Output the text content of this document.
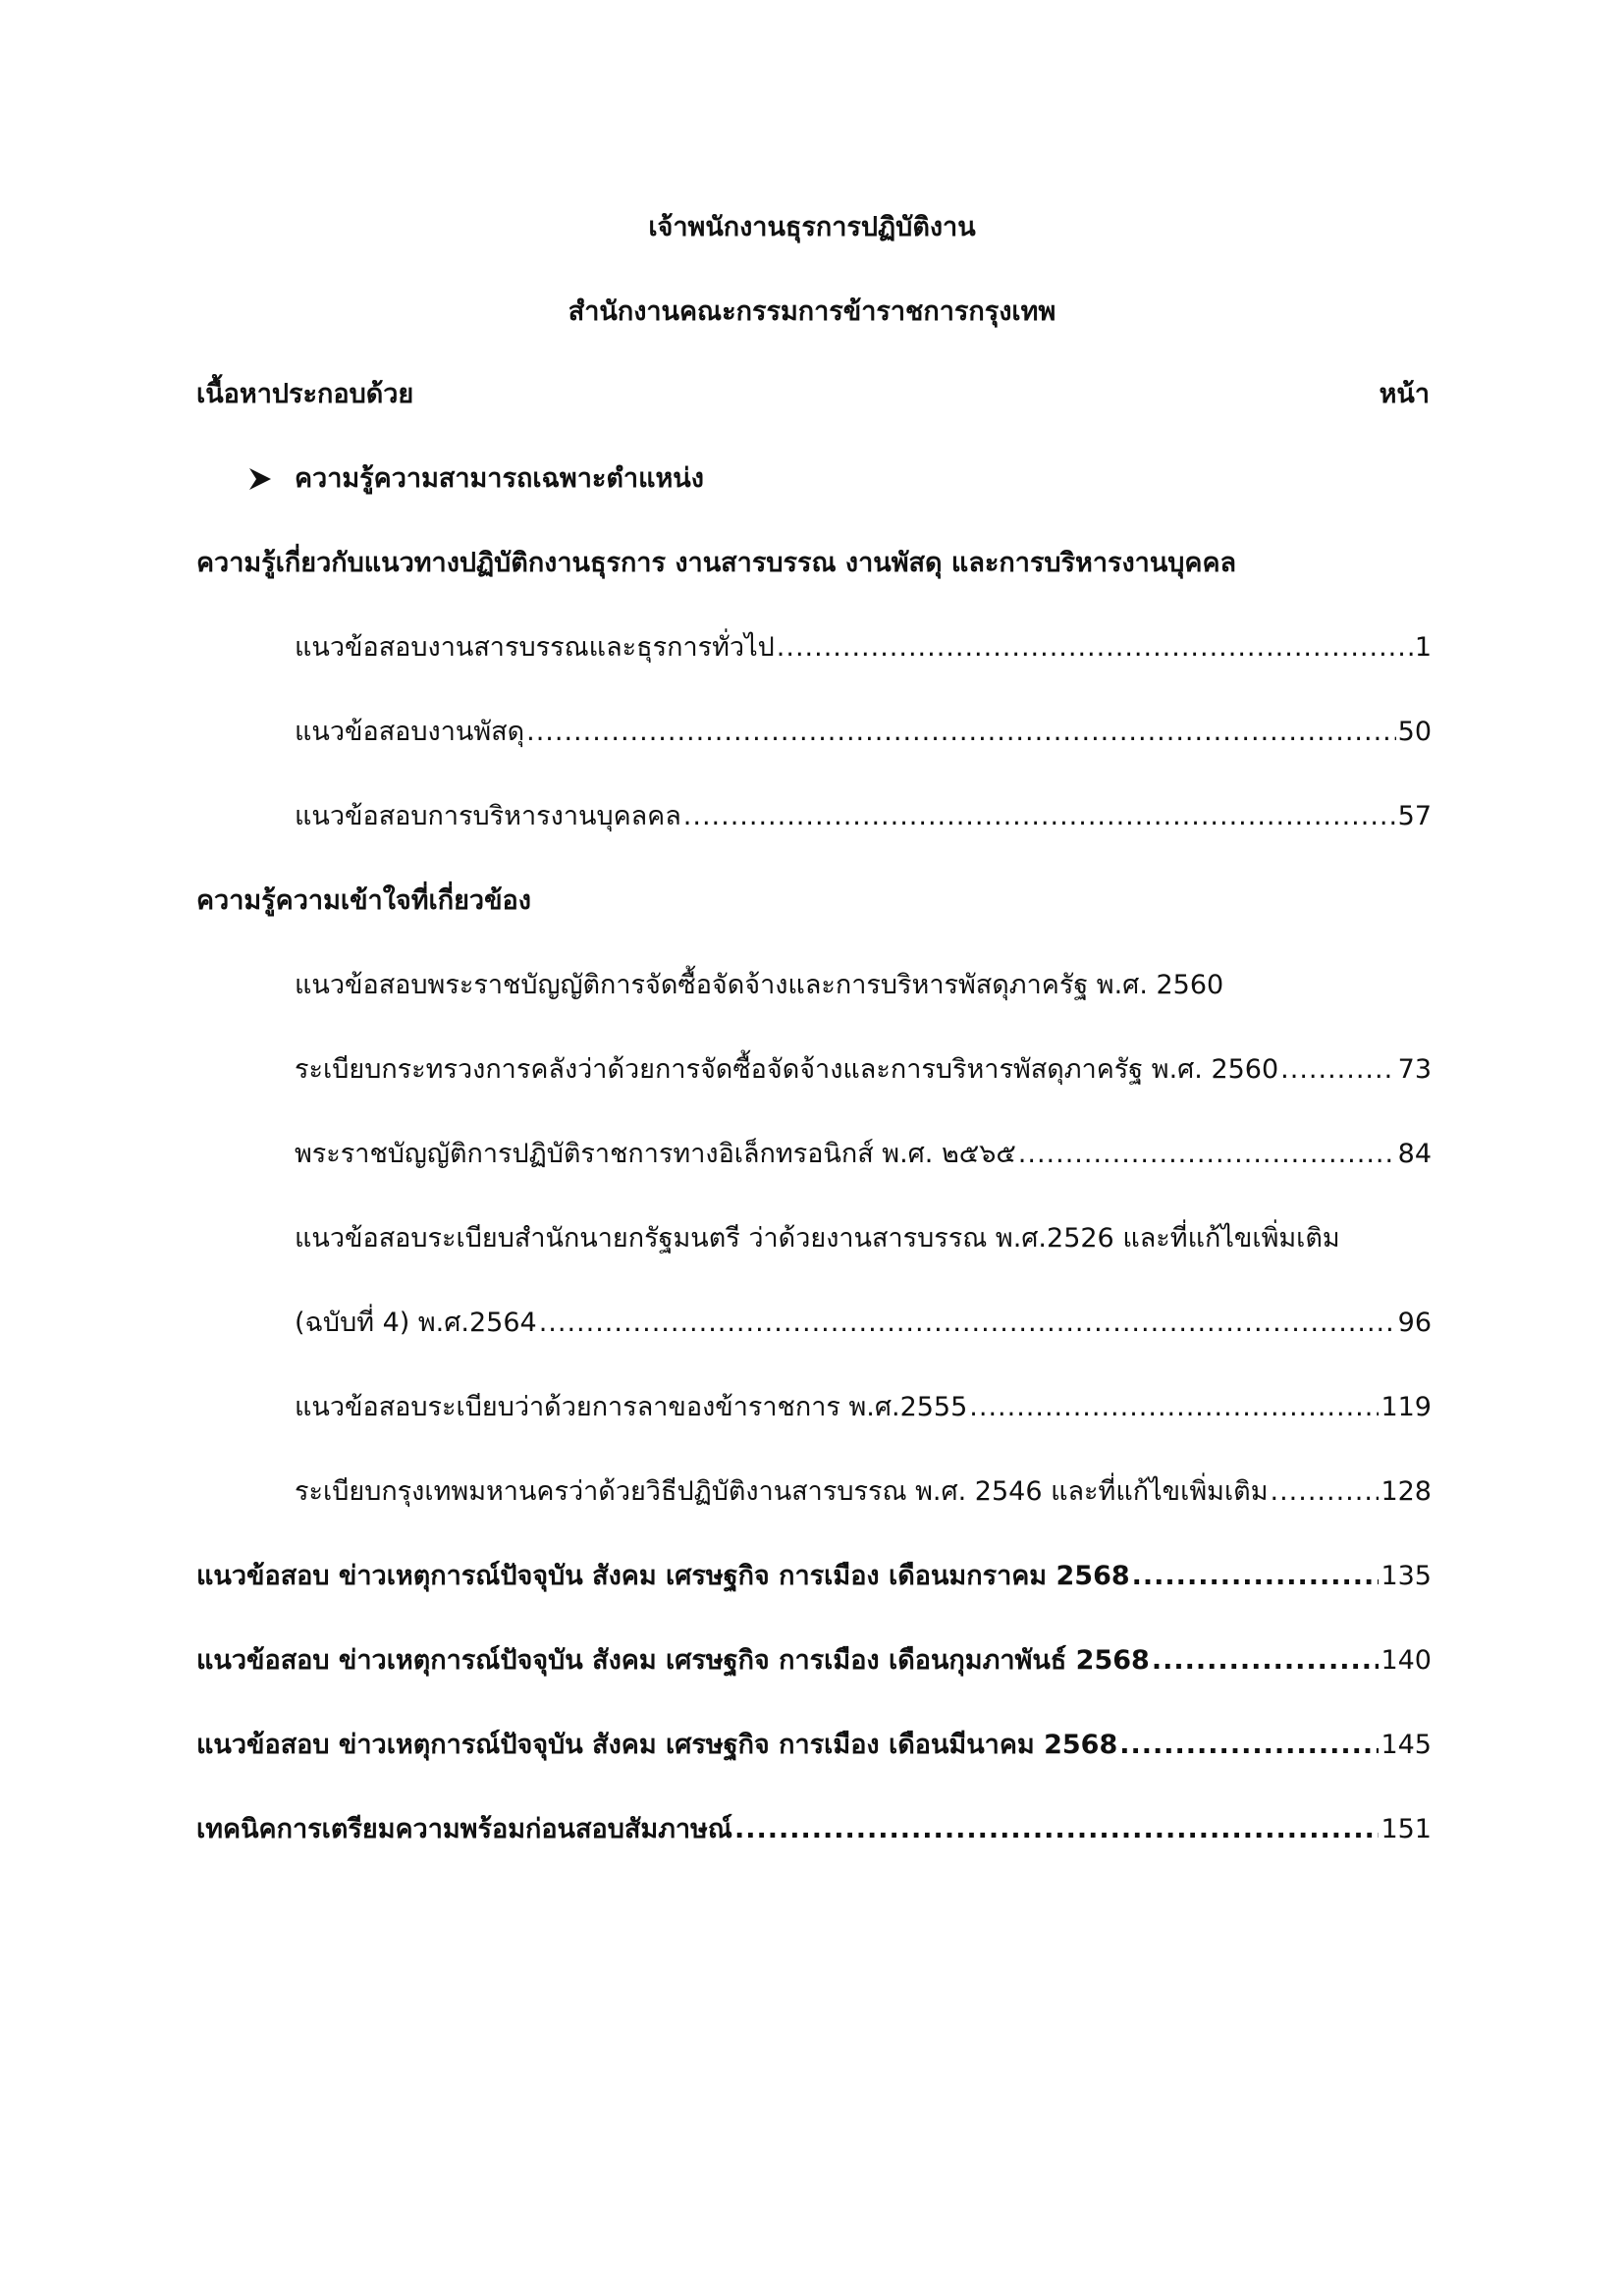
เจ้าพนักงานธุรการปฏิบัติงาน
สำนักงานคณะกรรมการข้าราชการกรุงเทพ
เนื้อหาประกอบด้วย	หน้า
ความรู้ความสามารถเฉพาะตำแหน่ง
ความรู้เกี่ยวกับแนวทางปฏิบัติกงานธุรการ งานสารบรรณ งานพัสดุ และการบริหารงานบุคคล
แนวข้อสอบงานสารบรรณและธุรการทั่วไป .....	1
แนวข้อสอบงานพัสดุ .....	50
แนวข้อสอบการบริหารงานบุคลคล .....	57
ความรู้ความเข้าใจที่เกี่ยวข้อง
แนวข้อสอบพระราชบัญญัติการจัดซื้อจัดจ้างและการบริหารพัสดุภาครัฐ พ.ศ. 2560
ระเบียบกระทรวงการคลังว่าด้วยการจัดซื้อจัดจ้างและการบริหารพัสดุภาครัฐ พ.ศ. 2560 .....	73
พระราชบัญญัติการปฏิบัติราชการทางอิเล็กทรอนิกส์ พ.ศ. ๒๕๖๕ .....	84
แนวข้อสอบระเบียบสำนักนายกรัฐมนตรี ว่าด้วยงานสารบรรณ พ.ศ.2526 และที่แก้ไขเพิ่มเติม
(ฉบับที่ 4) พ.ศ.2564 .....	96
แนวข้อสอบระเบียบว่าด้วยการลาของข้าราชการ พ.ศ.2555 .....	119
ระเบียบกรุงเทพมหานครว่าด้วยวิธีปฏิบัติงานสารบรรณ พ.ศ. 2546 และที่แก้ไขเพิ่มเติม .....	128
แนวข้อสอบ ข่าวเหตุการณ์ปัจจุบัน สังคม เศรษฐกิจ การเมือง เดือนมกราคม 2568 .....	135
แนวข้อสอบ ข่าวเหตุการณ์ปัจจุบัน สังคม เศรษฐกิจ การเมือง เดือนกุมภาพันธ์ 2568 .....	140
แนวข้อสอบ ข่าวเหตุการณ์ปัจจุบัน สังคม เศรษฐกิจ การเมือง เดือนมีนาคม 2568 .....	145
เทคนิคการเตรียมความพร้อมก่อนสอบสัมภาษณ์ .....	151
